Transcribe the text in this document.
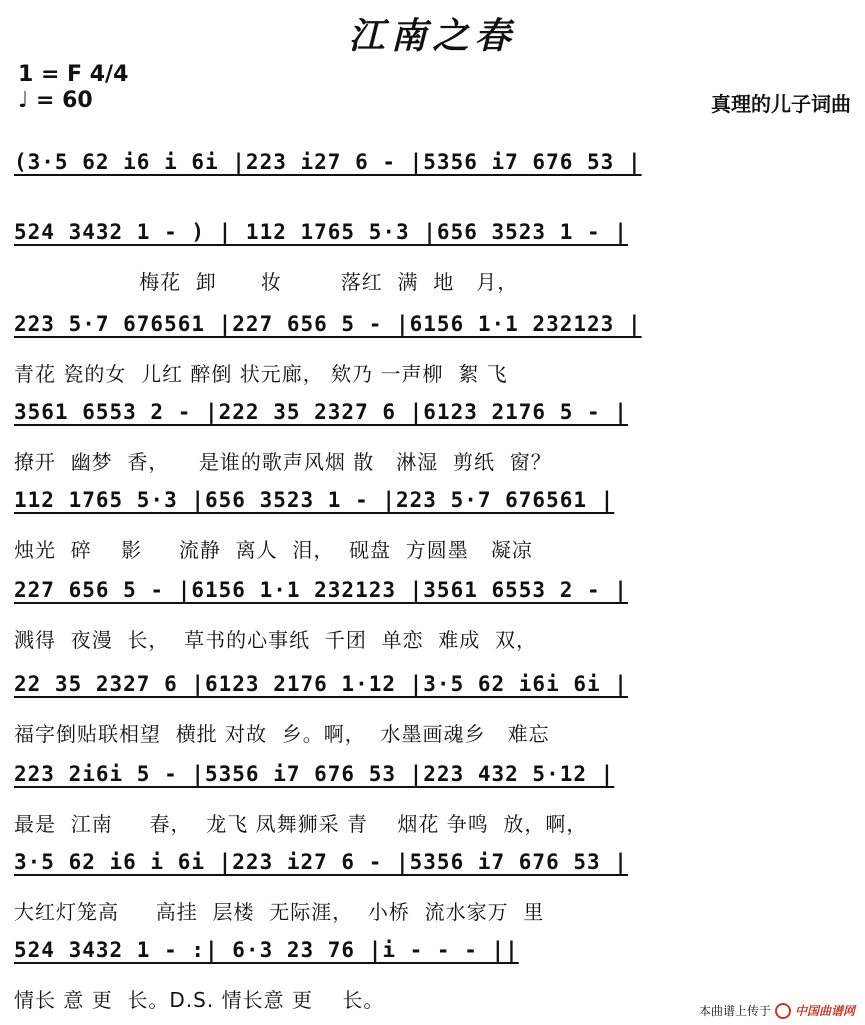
江南之春
1 = F 4/4
♩ = 60	真理的儿子词曲
(3·5 62 i6 i 6i |223 i27 6 - |5356 i7 676 53 |
524 3432 1 - ) | 112 1765 5·3 |656 3523 1 - |
梅花  卸      妆        落红  满  地   月，
223 5·7 676561 |227 656 5 - |6156 1·1 232123 |
青花 瓷的女  儿红 醉倒 状元廊， 欸乃 一声柳  絮 飞
3561 6553 2 - |222 35 2327 6 |6123 2176 5 - |
撩开  幽梦  香，    是谁的歌声风烟 散   淋湿  剪纸  窗？
112 1765 5·3 |656 3523 1 - |223 5·7 676561 |
烛光  碎    影     流静  离人  泪，  砚盘  方圆墨   凝凉
227 656 5 - |6156 1·1 232123 |3561 6553 2 - |
溅得  夜漫  长，  草书的心事纸  千团  单恋  难成  双，
22 35 2327 6 |6123 2176 1·12 |3·5 62 i6i 6i |
福字倒贴联相望  横批 对故  乡。啊，  水墨画魂乡   难忘
223 2i6i 5 - |5356 i7 676 53 |223 432 5·12 |
最是  江南     春，  龙飞 凤舞狮采 青    烟花 争鸣  放，啊，
3·5 62 i6 i 6i |223 i27 6 - |5356 i7 676 53 |
大红灯笼高     高挂  层楼  无际涯，  小桥  流水家万  里
524 3432 1 - :| 6·3 23 76 |i - - - ||
情长 意 更  长。D.S. 情长意 更    长。	本曲谱上传于 中国曲谱网
